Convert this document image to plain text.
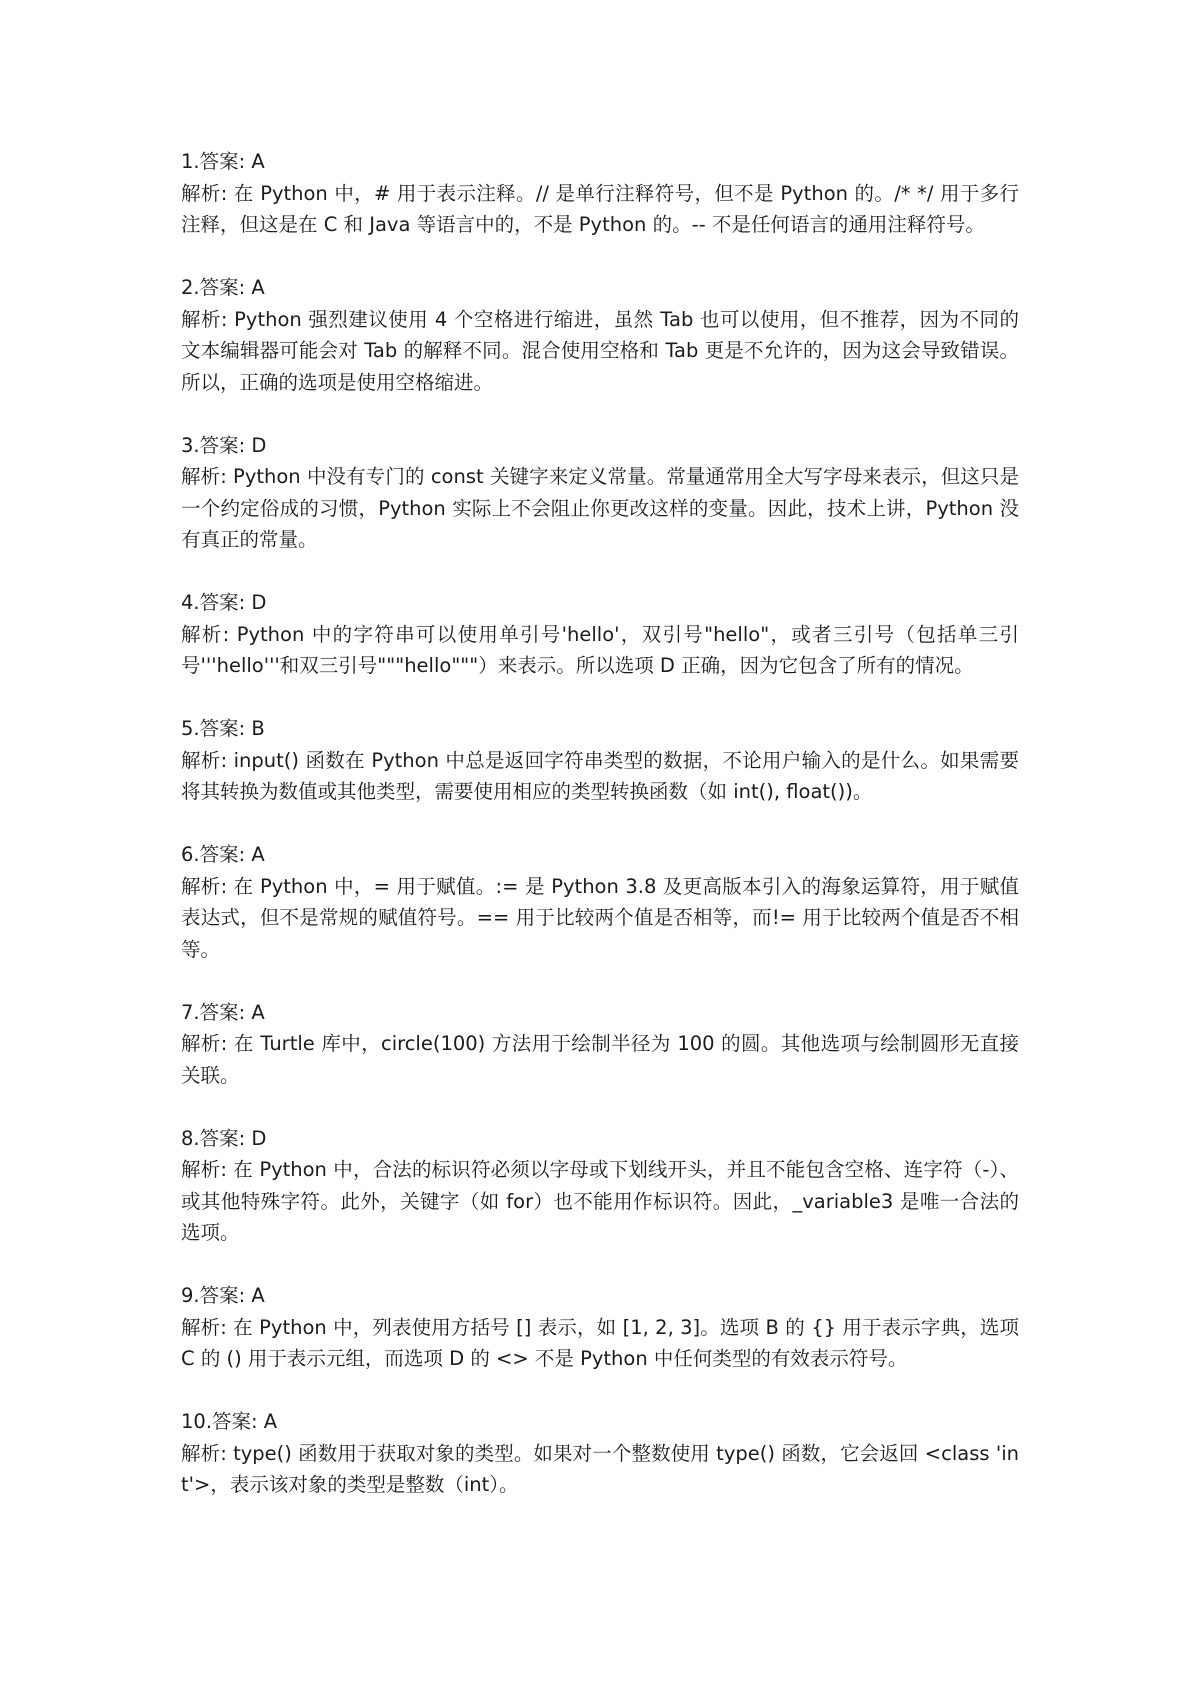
1.答案: A
解析: 在 Python 中，# 用于表示注释。// 是单行注释符号，但不是 Python 的。/* */ 用于多行注释，但这是在 C 和 Java 等语言中的，不是 Python 的。-- 不是任何语言的通用注释符号。
2.答案: A
解析: Python 强烈建议使用 4 个空格进行缩进，虽然 Tab 也可以使用，但不推荐，因为不同的文本编辑器可能会对 Tab 的解释不同。混合使用空格和 Tab 更是不允许的，因为这会导致错误。所以，正确的选项是使用空格缩进。
3.答案: D
解析: Python 中没有专门的 const 关键字来定义常量。常量通常用全大写字母来表示，但这只是一个约定俗成的习惯，Python 实际上不会阻止你更改这样的变量。因此，技术上讲，Python 没有真正的常量。
4.答案: D
解析: Python 中的字符串可以使用单引号'hello'，双引号"hello"，或者三引号（包括单三引号'''hello'''和双三引号"""hello"""）来表示。所以选项 D 正确，因为它包含了所有的情况。
5.答案: B
解析: input() 函数在 Python 中总是返回字符串类型的数据，不论用户输入的是什么。如果需要将其转换为数值或其他类型，需要使用相应的类型转换函数（如 int(), float())。
6.答案: A
解析: 在 Python 中，= 用于赋值。:= 是 Python 3.8 及更高版本引入的海象运算符，用于赋值表达式，但不是常规的赋值符号。== 用于比较两个值是否相等，而!= 用于比较两个值是否不相等。
7.答案: A
解析: 在 Turtle 库中，circle(100) 方法用于绘制半径为 100 的圆。其他选项与绘制圆形无直接关联。
8.答案: D
解析: 在 Python 中，合法的标识符必须以字母或下划线开头，并且不能包含空格、连字符（-）、或其他特殊字符。此外，关键字（如 for）也不能用作标识符。因此，_variable3 是唯一合法的选项。
9.答案: A
解析: 在 Python 中，列表使用方括号 [] 表示，如 [1, 2, 3]。选项 B 的 {} 用于表示字典，选项 C 的 () 用于表示元组，而选项 D 的 <> 不是 Python 中任何类型的有效表示符号。
10.答案: A
解析: type() 函数用于获取对象的类型。如果对一个整数使用 type() 函数，它会返回 <class 'int'>，表示该对象的类型是整数（int）。
